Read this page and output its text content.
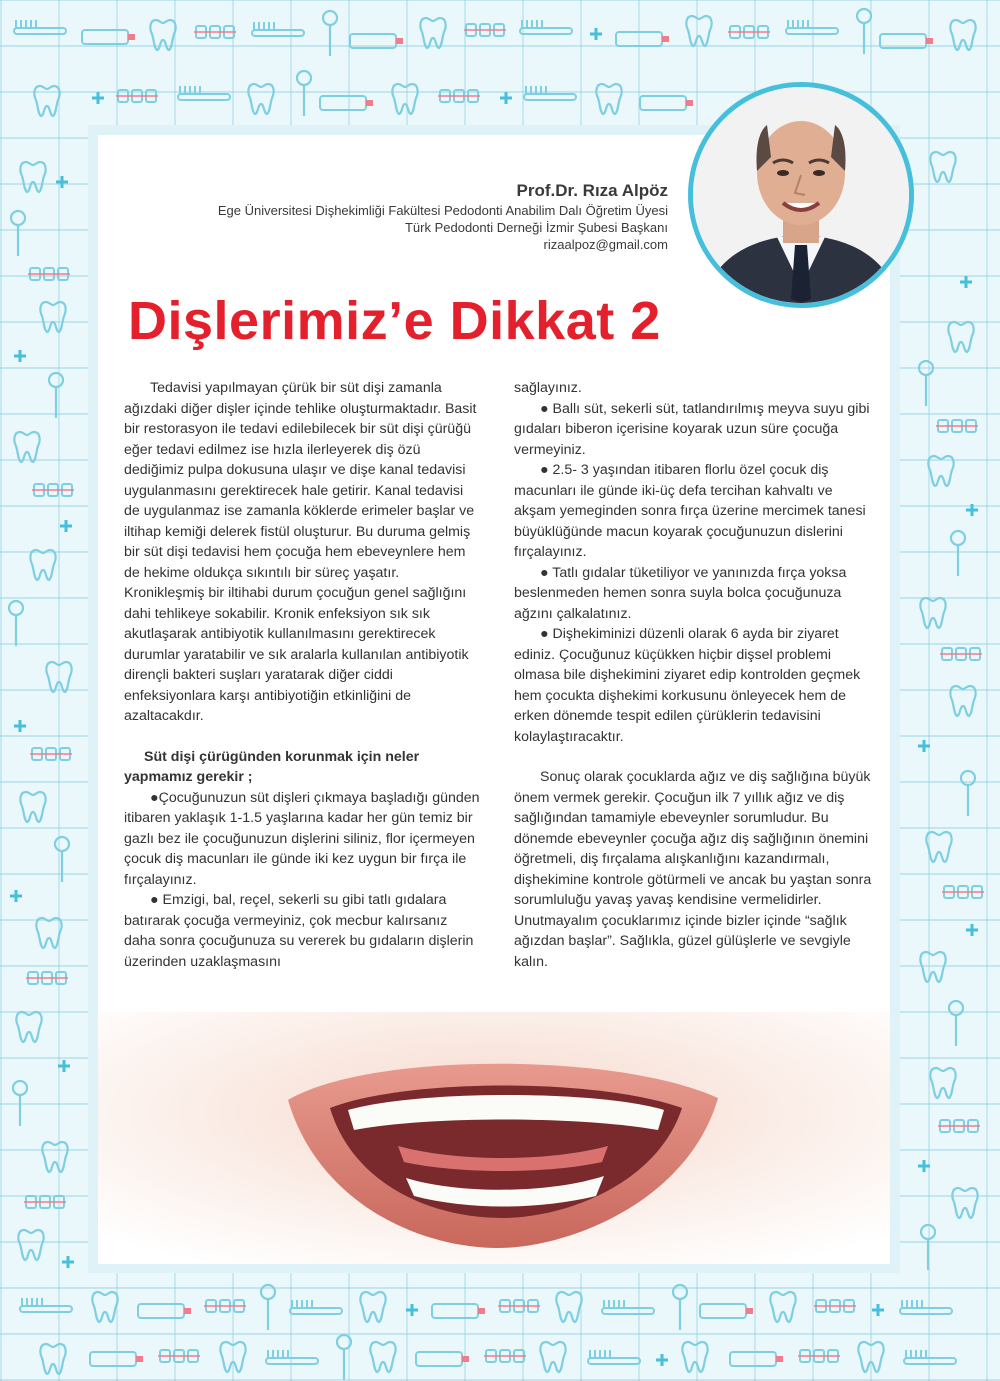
Prof.Dr. Rıza Alpöz
Ege Üniversitesi Dişhekimliği Fakültesi Pedodonti Anabilim Dalı Öğretim Üyesi
Türk Pedodonti Derneği İzmir Şubesi Başkanı
rizaalpoz@gmail.com
Dişlerimiz’e Dikkat 2

Tedavisi yapılmayan çürük bir süt dişi zamanla ağızdaki diğer dişler içinde tehlike oluşturmaktadır. Basit bir restorasyon ile tedavi edilebilecek bir süt dişi çürüğü eğer tedavi edilmez ise hızla ilerleyerek diş özü dediğimiz pulpa dokusuna ulaşır ve dişe kanal tedavisi uygulanmasını gerektirecek hale getirir. Kanal tedavisi de uygulanmaz ise zamanla köklerde erimeler başlar ve iltihap kemiği delerek fistül oluşturur. Bu duruma gelmiş bir süt dişi tedavisi hem çocuğa hem ebeveynlere hem de hekime oldukça sıkıntılı bir süreç yaşatır. Kronikleşmiş bir iltihabi durum çocuğun genel sağlığını dahi tehlikeye sokabilir. Kronik enfeksiyon sık sık akutlaşarak antibiyotik kullanılmasını gerektirecek durumlar yaratabilir ve sık aralarla kullanılan antibiyotik dirençli bakteri suşları yaratarak diğer ciddi enfeksiyonlara karşı antibiyotiğin etkinliğini de azaltacakdır.

Süt dişi çürügünden korunmak için neler yapmamız gerekir ;

●Çocuğunuzun süt dişleri çıkmaya başladığı günden itibaren yaklaşık 1-1.5 yaşlarına kadar her gün temiz bir gazlı bez ile çocuğunuzun dişlerini siliniz, flor içermeyen çocuk diş macunları ile günde iki kez uygun bir fırça ile fırçalayınız.

● Emzigi, bal, reçel, sekerli su gibi tatlı gıdalara batırarak çocuğa vermeyiniz, çok mecbur kalırsanız daha sonra çocuğunuza su vererek bu gıdaların dişlerin üzerinden uzaklaşmasını

sağlayınız.

● Ballı süt, sekerli süt, tatlandırılmış meyva suyu gibi gıdaları biberon içerisine koyarak uzun süre çocuğa vermeyiniz.

● 2.5- 3 yaşından itibaren florlu özel çocuk diş macunları ile günde iki-üç defa tercihan kahvaltı ve akşam yemeginden sonra fırça üzerine mercimek tanesi büyüklüğünde macun koyarak çocuğunuzun dislerini fırçalayınız.

● Tatlı gıdalar tüketiliyor ve yanınızda fırça yoksa beslenmeden hemen sonra suyla bolca çocuğunuza ağzını çalkalatınız.

● Dişhekiminizi düzenli olarak 6 ayda bir ziyaret ediniz. Çocuğunuz küçükken hiçbir dişsel problemi olmasa bile dişhekimini ziyaret edip kontrolden geçmek hem çocukta dişhekimi korkusunu önleyecek hem de erken dönemde tespit edilen çürüklerin tedavisini kolaylaştıracaktır.

Sonuç olarak çocuklarda ağız ve diş sağlığına büyük önem vermek gerekir. Çocuğun ilk 7 yıllık ağız ve diş sağlığından tamamiyle ebeveynler sorumludur. Bu dönemde ebeveynler çocuğa ağız diş sağlığının önemini öğretmeli, diş fırçalama alışkanlığını kazandırmalı, dişhekimine kontrole götürmeli ve ancak bu yaştan sonra sorumluluğu yavaş yavaş kendisine vermelidirler. Unutmayalım çocuklarımız içinde bizler içinde “sağlık ağızdan başlar”. Sağlıkla, güzel gülüşlerle ve sevgiyle kalın.
